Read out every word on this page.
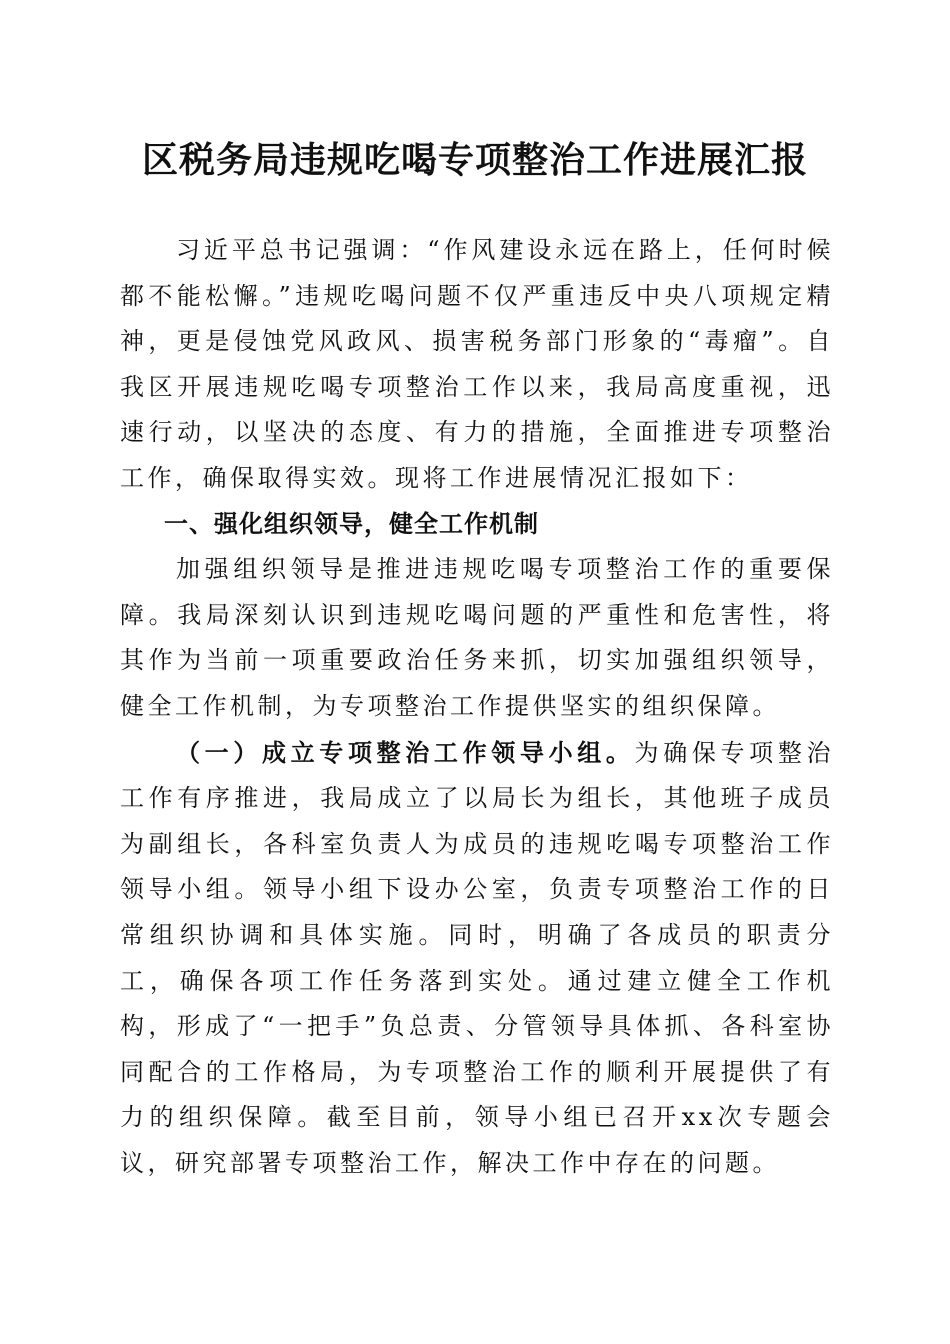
区税务局违规吃喝专项整治工作进展汇报

习近平总书记强调：“作风建设永远在路上，任何时候都不能松懈。”违规吃喝问题不仅严重违反中央八项规定精神，更是侵蚀党风政风、损害税务部门形象的“毒瘤”。自我区开展违规吃喝专项整治工作以来，我局高度重视，迅速行动，以坚决的态度、有力的措施，全面推进专项整治工作，确保取得实效。现将工作进展情况汇报如下：

一、强化组织领导，健全工作机制

加强组织领导是推进违规吃喝专项整治工作的重要保障。我局深刻认识到违规吃喝问题的严重性和危害性，将其作为当前一项重要政治任务来抓，切实加强组织领导，健全工作机制，为专项整治工作提供坚实的组织保障。

（一）成立专项整治工作领导小组。为确保专项整治工作有序推进，我局成立了以局长为组长，其他班子成员为副组长，各科室负责人为成员的违规吃喝专项整治工作领导小组。领导小组下设办公室，负责专项整治工作的日常组织协调和具体实施。同时，明确了各成员的职责分工，确保各项工作任务落到实处。通过建立健全工作机构，形成了“一把手”负总责、分管领导具体抓、各科室协同配合的工作格局，为专项整治工作的顺利开展提供了有力的组织保障。截至目前，领导小组已召开xx次专题会议，研究部署专项整治工作，解决工作中存在的问题。
